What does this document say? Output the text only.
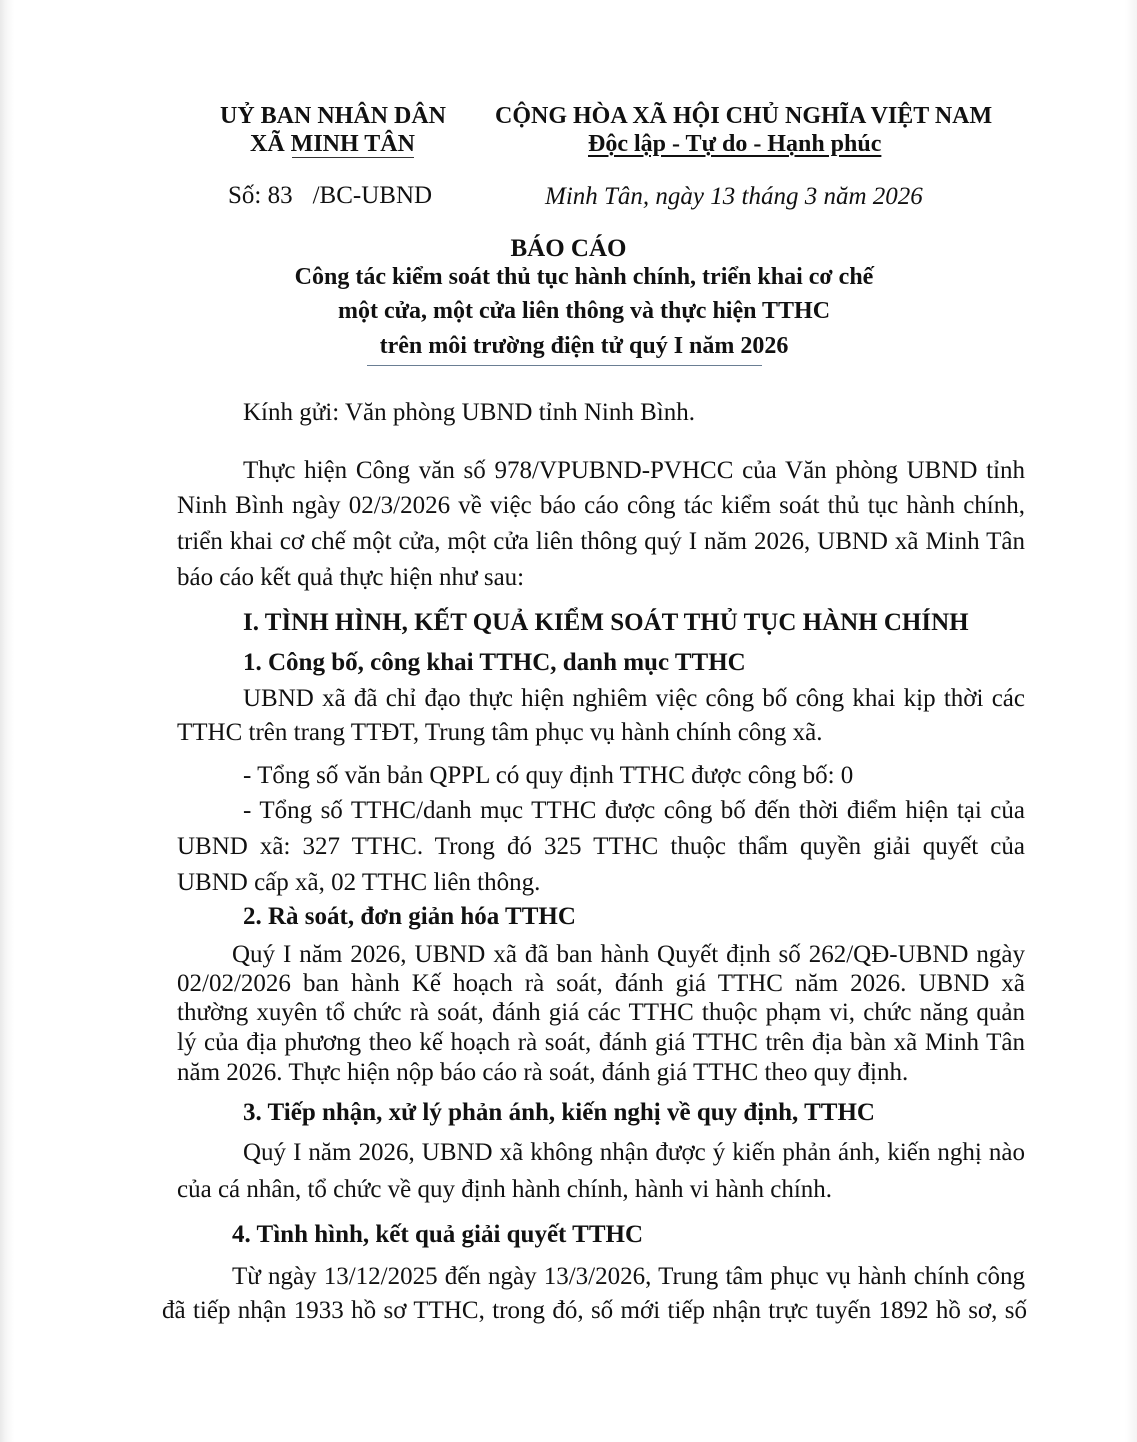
UỶ BAN NHÂN DÂN
XÃ MINH TÂN
CỘNG HÒA XÃ HỘI CHỦ NGHĨA VIỆT NAM
Độc lập - Tự do - Hạnh phúc
Số: 83 /BC-UBND	Minh Tân, ngày 13 tháng 3 năm 2026
BÁO CÁO
Công tác kiểm soát thủ tục hành chính, triển khai cơ chế
một cửa, một cửa liên thông và thực hiện TTHC
trên môi trường điện tử quý I năm 2026
Kính gửi: Văn phòng UBND tỉnh Ninh Bình.
Thực hiện Công văn số 978/VPUBND-PVHCC của Văn phòng UBND tỉnh
Ninh Bình ngày 02/3/2026 về việc báo cáo công tác kiểm soát thủ tục hành chính,
triển khai cơ chế một cửa, một cửa liên thông quý I năm 2026, UBND xã Minh Tân
báo cáo kết quả thực hiện như sau:
I. TÌNH HÌNH, KẾT QUẢ KIỂM SOÁT THỦ TỤC HÀNH CHÍNH
1. Công bố, công khai TTHC, danh mục TTHC
UBND xã đã chỉ đạo thực hiện nghiêm việc công bố công khai kịp thời các
TTHC trên trang TTĐT, Trung tâm phục vụ hành chính công xã.
- Tổng số văn bản QPPL có quy định TTHC được công bố: 0
- Tổng số TTHC/danh mục TTHC được công bố đến thời điểm hiện tại của
UBND xã: 327 TTHC. Trong đó 325 TTHC thuộc thẩm quyền giải quyết của
UBND cấp xã, 02 TTHC liên thông.
2. Rà soát, đơn giản hóa TTHC
Quý I năm 2026, UBND xã đã ban hành Quyết định số 262/QĐ-UBND ngày
02/02/2026 ban hành Kế hoạch rà soát, đánh giá TTHC năm 2026. UBND xã
thường xuyên tổ chức rà soát, đánh giá các TTHC thuộc phạm vi, chức năng quản
lý của địa phương theo kế hoạch rà soát, đánh giá TTHC trên địa bàn xã Minh Tân
năm 2026. Thực hiện nộp báo cáo rà soát, đánh giá TTHC theo quy định.
3. Tiếp nhận, xử lý phản ánh, kiến nghị về quy định, TTHC
Quý I năm 2026, UBND xã không nhận được ý kiến phản ánh, kiến nghị nào
của cá nhân, tổ chức về quy định hành chính, hành vi hành chính.
4. Tình hình, kết quả giải quyết TTHC
Từ ngày 13/12/2025 đến ngày 13/3/2026, Trung tâm phục vụ hành chính công
đã tiếp nhận 1933 hồ sơ TTHC, trong đó, số mới tiếp nhận trực tuyến 1892 hồ sơ, số
